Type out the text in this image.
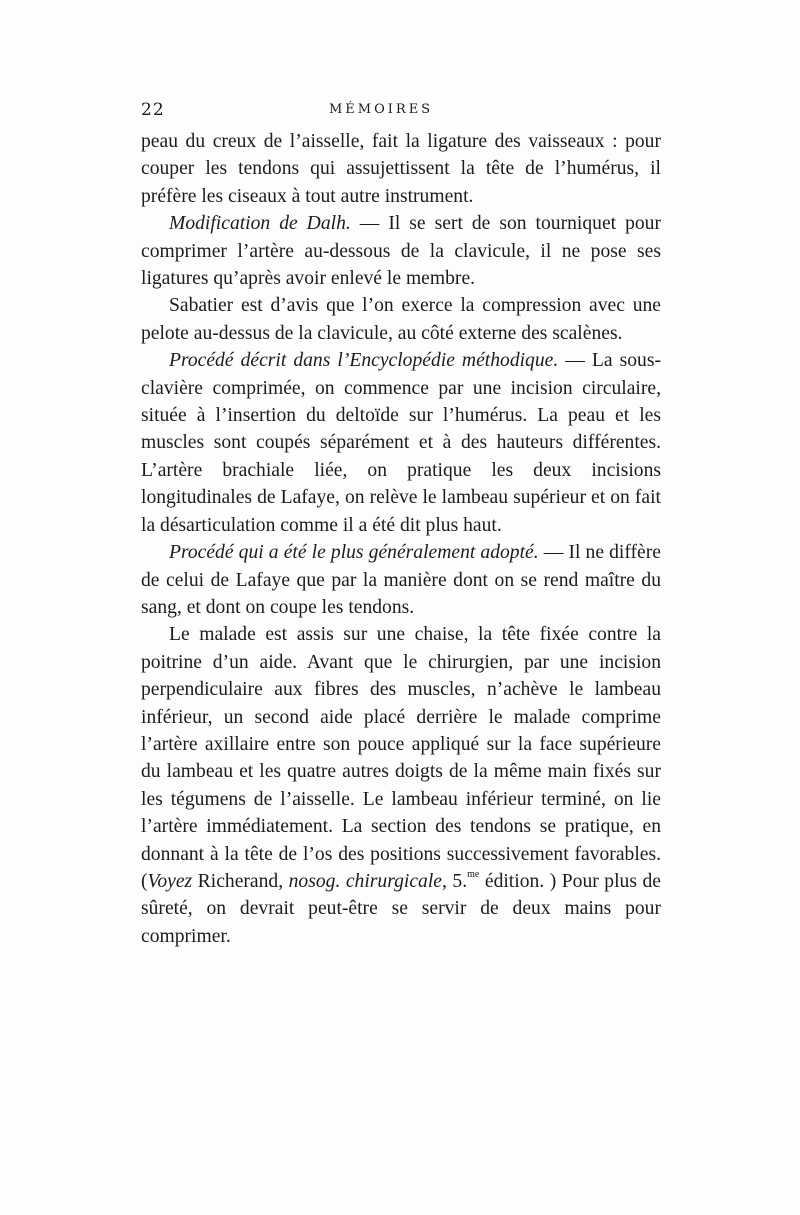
22	MÉMOIRES

peau du creux de l’aisselle, fait la ligature des vaisseaux : pour couper les tendons qui assujettissent la tête de l’humérus, il préfère les ciseaux à tout autre instrument.

Modification de Dalh. — Il se sert de son tourniquet pour comprimer l’artère au-dessous de la clavicule, il ne pose ses ligatures qu’après avoir enlevé le membre.

Sabatier est d’avis que l’on exerce la compression avec une pelote au-dessus de la clavicule, au côté externe des scalènes.

Procédé décrit dans l’Encyclopédie méthodique. — La sous-clavière comprimée, on commence par une incision circulaire, située à l’insertion du deltoïde sur l’humérus. La peau et les muscles sont coupés séparément et à des hauteurs différentes. L’artère brachiale liée, on pratique les deux incisions longitudinales de Lafaye, on relève le lambeau supérieur et on fait la désarticulation comme il a été dit plus haut.

Procédé qui a été le plus généralement adopté. — Il ne diffère de celui de Lafaye que par la manière dont on se rend maître du sang, et dont on coupe les tendons.

Le malade est assis sur une chaise, la tête fixée contre la poitrine d’un aide. Avant que le chirurgien, par une incision perpendiculaire aux fibres des muscles, n’achève le lambeau inférieur, un second aide placé derrière le malade comprime l’artère axillaire entre son pouce appliqué sur la face supérieure du lambeau et les quatre autres doigts de la même main fixés sur les tégumens de l’aisselle. Le lambeau inférieur terminé, on lie l’artère immédiatement. La section des tendons se pratique, en donnant à la tête de l’os des positions successivement favorables. (Voyez Richerand, nosog. chirurgicale, 5.$^{me}$ édition. ) Pour plus de sûreté, on devrait peut-être se servir de deux mains pour comprimer.
